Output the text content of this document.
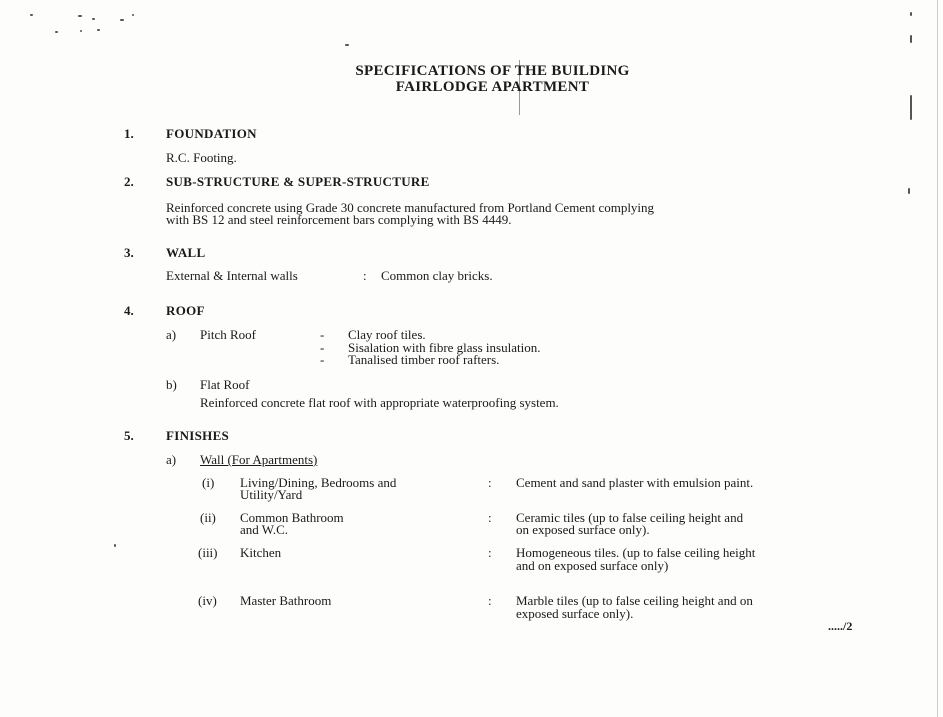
SPECIFICATIONS OF THE BUILDING
FAIRLODGE APARTMENT
1. FOUNDATION
R.C. Footing.
2. SUB-STRUCTURE & SUPER-STRUCTURE
Reinforced concrete using Grade 30 concrete manufactured from Portland Cement complying
with BS 12 and steel reinforcement bars complying with BS 4449.
3. WALL
External & Internal walls	: Common clay bricks.
4. ROOF
a) Pitch Roof	- Clay roof tiles.
- Sisalation with fibre glass insulation.
- Tanalised timber roof rafters.
b) Flat Roof
Reinforced concrete flat roof with appropriate waterproofing system.
5. FINISHES
a) Wall (For Apartments)
(i) Living/Dining, Bedrooms and
Utility/Yard
: Cement and sand plaster with emulsion paint.
(ii) Common Bathroom
and W.C.
: Ceramic tiles (up to false ceiling height and
on exposed surface only).
(iii) Kitchen	: Homogeneous tiles. (up to false ceiling height
and on exposed surface only)
(iv) Master Bathroom	: Marble tiles (up to false ceiling height and on
exposed surface only).
...../2
